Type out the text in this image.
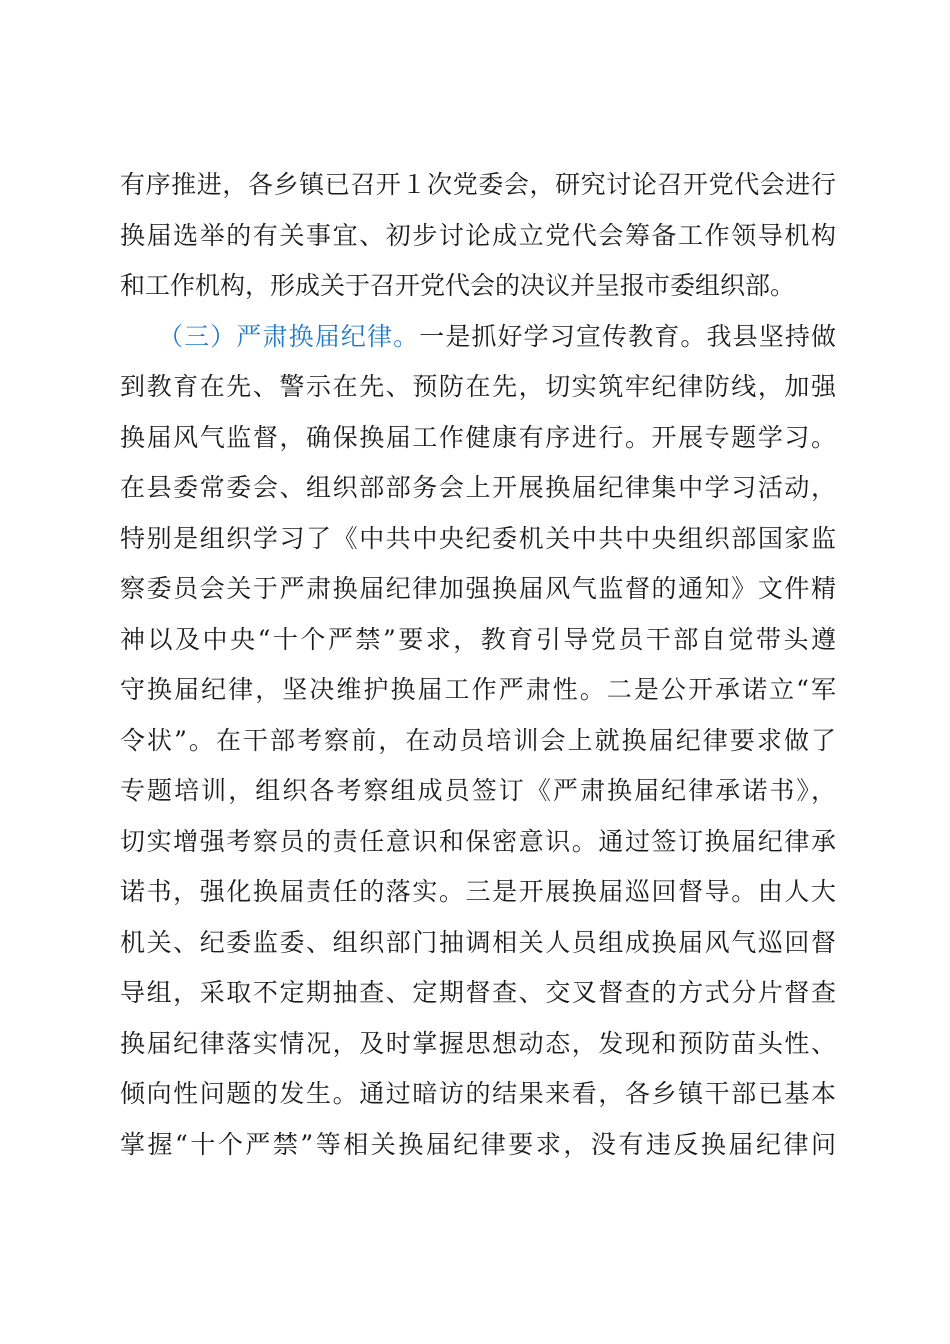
有序推进，各乡镇已召开１次党委会，研究讨论召开党代会进行
换届选举的有关事宜、初步讨论成立党代会筹备工作领导机构
和工作机构，形成关于召开党代会的决议并呈报市委组织部。
（三）严肃换届纪律。一是抓好学习宣传教育。我县坚持做
到教育在先、警示在先、预防在先，切实筑牢纪律防线，加强
换届风气监督，确保换届工作健康有序进行。开展专题学习。
在县委常委会、组织部部务会上开展换届纪律集中学习活动，
特别是组织学习了《中共中央纪委机关中共中央组织部国家监
察委员会关于严肃换届纪律加强换届风气监督的通知》文件精
神以及中央“十个严禁”要求，教育引导党员干部自觉带头遵
守换届纪律，坚决维护换届工作严肃性。二是公开承诺立“军
令状”。在干部考察前，在动员培训会上就换届纪律要求做了
专题培训，组织各考察组成员签订《严肃换届纪律承诺书》，
切实增强考察员的责任意识和保密意识。通过签订换届纪律承
诺书，强化换届责任的落实。三是开展换届巡回督导。由人大
机关、纪委监委、组织部门抽调相关人员组成换届风气巡回督
导组，采取不定期抽查、定期督查、交叉督查的方式分片督查
换届纪律落实情况，及时掌握思想动态，发现和预防苗头性、
倾向性问题的发生。通过暗访的结果来看，各乡镇干部已基本
掌握“十个严禁”等相关换届纪律要求，没有违反换届纪律问
